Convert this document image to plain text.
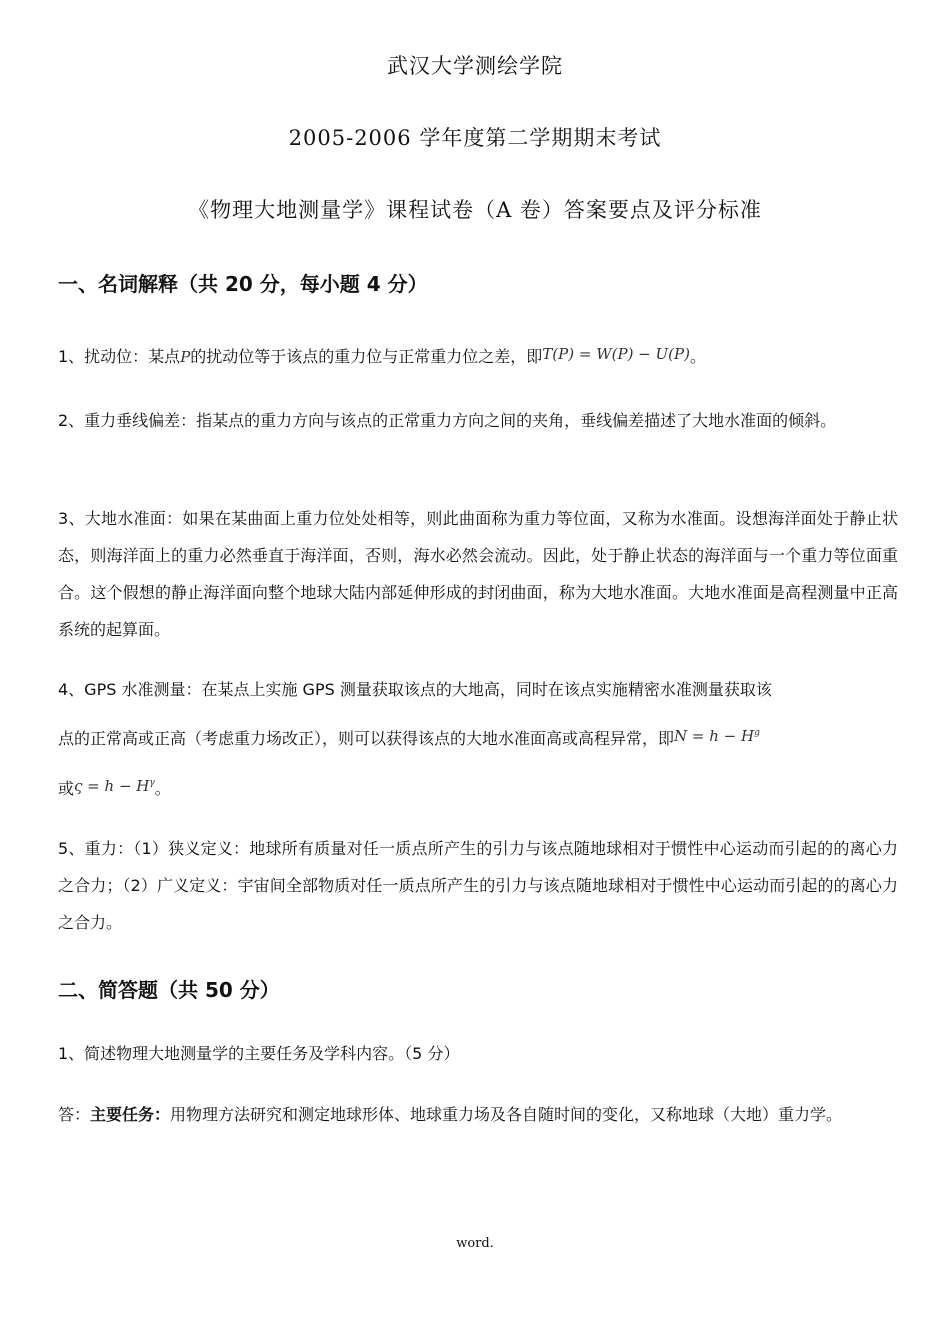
武汉大学测绘学院
2005-2006 学年度第二学期期末考试
《物理大地测量学》课程试卷（A 卷）答案要点及评分标准
一、名词解释（共 20 分，每小题 4 分）
1、扰动位：某点P的扰动位等于该点的重力位与正常重力位之差，即T(P) = W(P) − U(P)。
2、重力垂线偏差：指某点的重力方向与该点的正常重力方向之间的夹角，垂线偏差描述了大地水准面的倾斜。
3、大地水准面：如果在某曲面上重力位处处相等，则此曲面称为重力等位面，又称为水准面。设想海洋面处于静止状态，则海洋面上的重力必然垂直于海洋面，否则，海水必然会流动。因此，处于静止状态的海洋面与一个重力等位面重合。这个假想的静止海洋面向整个地球大陆内部延伸形成的封闭曲面，称为大地水准面。大地水准面是高程测量中正高系统的起算面。
4、GPS 水准测量：在某点上实施 GPS 测量获取该点的大地高，同时在该点实施精密水准测量获取该
点的正常高或正高（考虑重力场改正），则可以获得该点的大地水准面高或高程异常，即$N = h - H^g$
或$\varsigma = h - H^\gamma$。
5、重力：（1）狭义定义：地球所有质量对任一质点所产生的引力与该点随地球相对于惯性中心运动而引起的的离心力之合力；（2）广义定义：宇宙间全部物质对任一质点所产生的引力与该点随地球相对于惯性中心运动而引起的的离心力之合力。
二、简答题（共 50 分）
1、简述物理大地测量学的主要任务及学科内容。（5 分）
答：主要任务：用物理方法研究和测定地球形体、地球重力场及各自随时间的变化，又称地球（大地）重力学。
word.
